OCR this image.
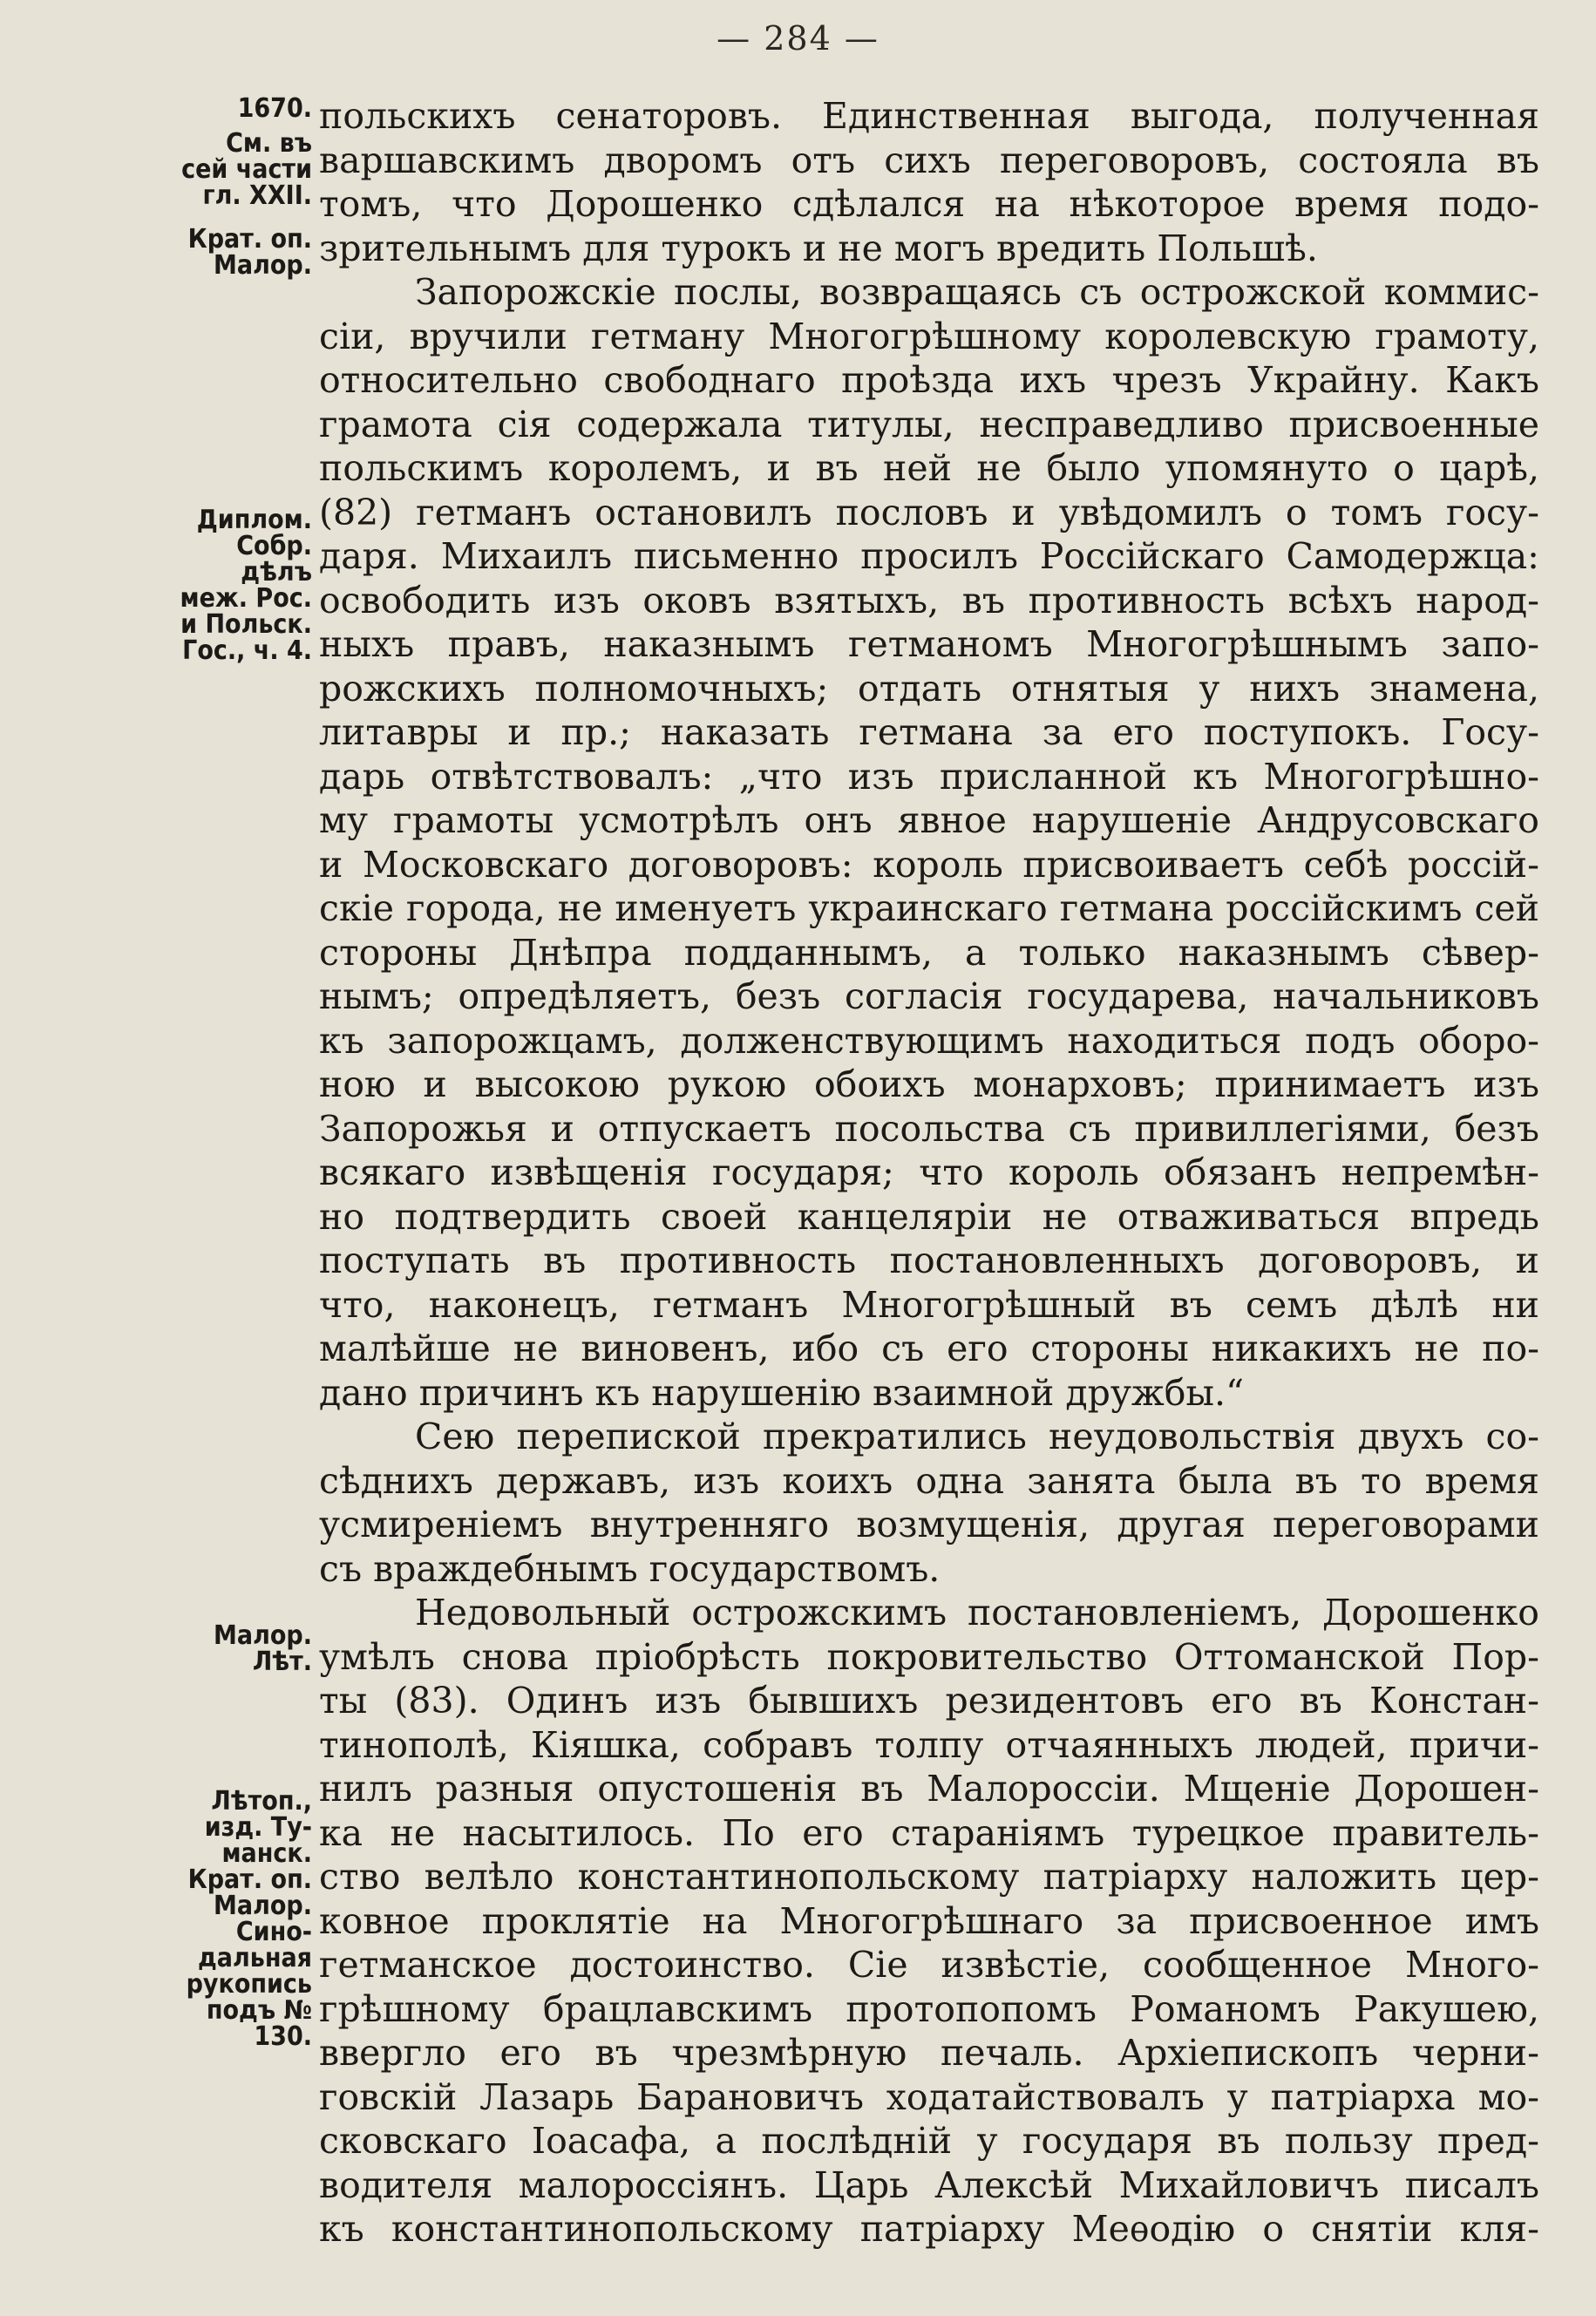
— 284 —
1670.
См. въ
сей части
гл. XXII.
Крат. оп.
Малор.
Диплом.
Собр.
дѣлъ
меж. Рос.
и Польск.
Гос., ч. 4.
Малор.
Лѣт.
Лѣтоп.,
изд. Ту-
манск.
Крат. оп.
Малор.
Сино-
дальная
рукопись
подъ №
130.
польскихъ сенаторовъ. Единственная выгода, полученная
варшавскимъ дворомъ отъ сихъ переговоровъ, состояла въ
томъ, что Дорошенко сдѣлался на нѣкоторое время подо-
зрительнымъ для турокъ и не могъ вредить Польшѣ.
Запорожскіе послы, возвращаясь съ острожской коммис-
сіи, вручили гетману Многогрѣшному королевскую грамоту,
относительно свободнаго проѣзда ихъ чрезъ Украйну. Какъ
грамота сія содержала титулы, несправедливо присвоенные
польскимъ королемъ, и въ ней не было упомянуто о царѣ,
(82) гетманъ остановилъ пословъ и увѣдомилъ о томъ госу-
даря. Михаилъ письменно просилъ Россійскаго Самодержца:
освободить изъ оковъ взятыхъ, въ противность всѣхъ народ-
ныхъ правъ, наказнымъ гетманомъ Многогрѣшнымъ запо-
рожскихъ полномочныхъ; отдать отнятыя у нихъ знамена,
литавры и пр.; наказать гетмана за его поступокъ. Госу-
дарь отвѣтствовалъ: „что изъ присланной къ Многогрѣшно-
му грамоты усмотрѣлъ онъ явное нарушеніе Андрусовскаго
и Московскаго договоровъ: король присвоиваетъ себѣ россій-
скіе города, не именуетъ украинскаго гетмана россійскимъ сей
стороны Днѣпра подданнымъ, а только наказнымъ сѣвер-
нымъ; опредѣляетъ, безъ согласія государева, начальниковъ
къ запорожцамъ, долженствующимъ находиться подъ оборо-
ною и высокою рукою обоихъ монарховъ; принимаетъ изъ
Запорожья и отпускаетъ посольства съ привиллегіями, безъ
всякаго извѣщенія государя; что король обязанъ непремѣн-
но подтвердить своей канцеляріи не отваживаться впредь
поступать въ противность постановленныхъ договоровъ, и
что, наконецъ, гетманъ Многогрѣшный въ семъ дѣлѣ ни
малѣйше не виновенъ, ибо съ его стороны никакихъ не по-
дано причинъ къ нарушенію взаимной дружбы.“
Сею перепиской прекратились неудовольствія двухъ со-
сѣднихъ державъ, изъ коихъ одна занята была въ то время
усмиреніемъ внутренняго возмущенія, другая переговорами
съ враждебнымъ государствомъ.
Недовольный острожскимъ постановленіемъ, Дорошенко
умѣлъ снова пріобрѣсть покровительство Оттоманской Пор-
ты (83). Одинъ изъ бывшихъ резидентовъ его въ Констан-
тинополѣ, Кіяшка, собравъ толпу отчаянныхъ людей, причи-
нилъ разныя опустошенія въ Малороссіи. Мщеніе Дорошен-
ка не насытилось. По его стараніямъ турецкое правитель-
ство велѣло константинопольскому патріарху наложить цер-
ковное проклятіе на Многогрѣшнаго за присвоенное имъ
гетманское достоинство. Сіе извѣстіе, сообщенное Много-
грѣшному брацлавскимъ протопопомъ Романомъ Ракушею,
ввергло его въ чрезмѣрную печаль. Архіепископъ черни-
говскій Лазарь Барановичъ ходатайствовалъ у патріарха мо-
сковскаго Іоасафа, а послѣдній у государя въ пользу пред-
водителя малороссіянъ. Царь Алексѣй Михайловичъ писалъ
къ константинопольскому патріарху Меѳодію о снятіи кля-
